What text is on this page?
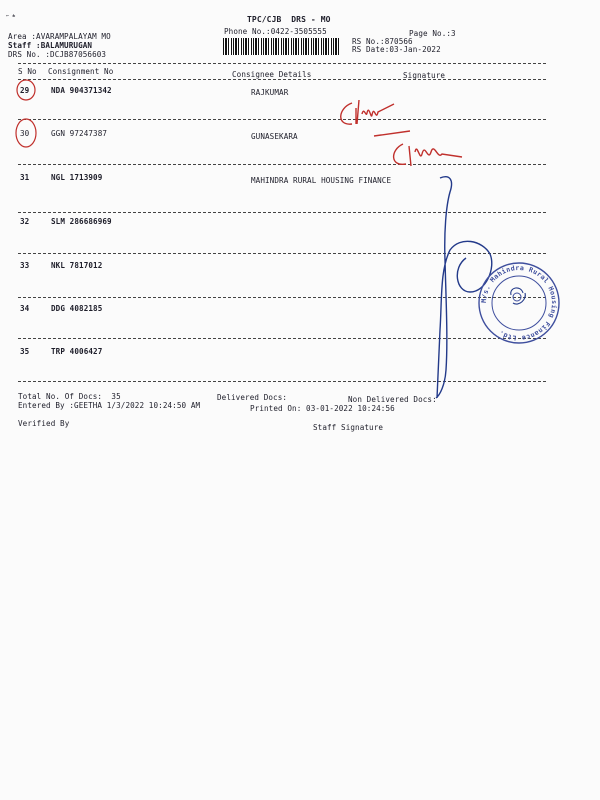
TPC/CJB  DRS - MO
Phone No.:0422-3505555
← ±
Area :AVARAMPALAYAM MO
Staff :BALAMURUGAN
DRS No. :DCJB87056603
Page No.:3
RS No.:870566
RS Date:03-Jan-2022
S No Consignment No	Consignee Details	Signature
29	NDA 904371342	RAJKUMAR
30	GGN 97247387	GUNASEKARA
31	NGL 1713909	MAHINDRA RURAL HOUSING FINANCE
32	SLM 286686969
33	NKL 7817012
34	DDG 4082185
35	TRP 4006427
Total No. Of Docs:  35	Delivered Docs:	Non Delivered Docs:
Entered By :GEETHA 1/3/2022 10:24:50 AM	Printed On: 03-01-2022 10:24:56
Verified By	Staff Signature
M/s. Mahindra Rural Housing Finance Ltd.
